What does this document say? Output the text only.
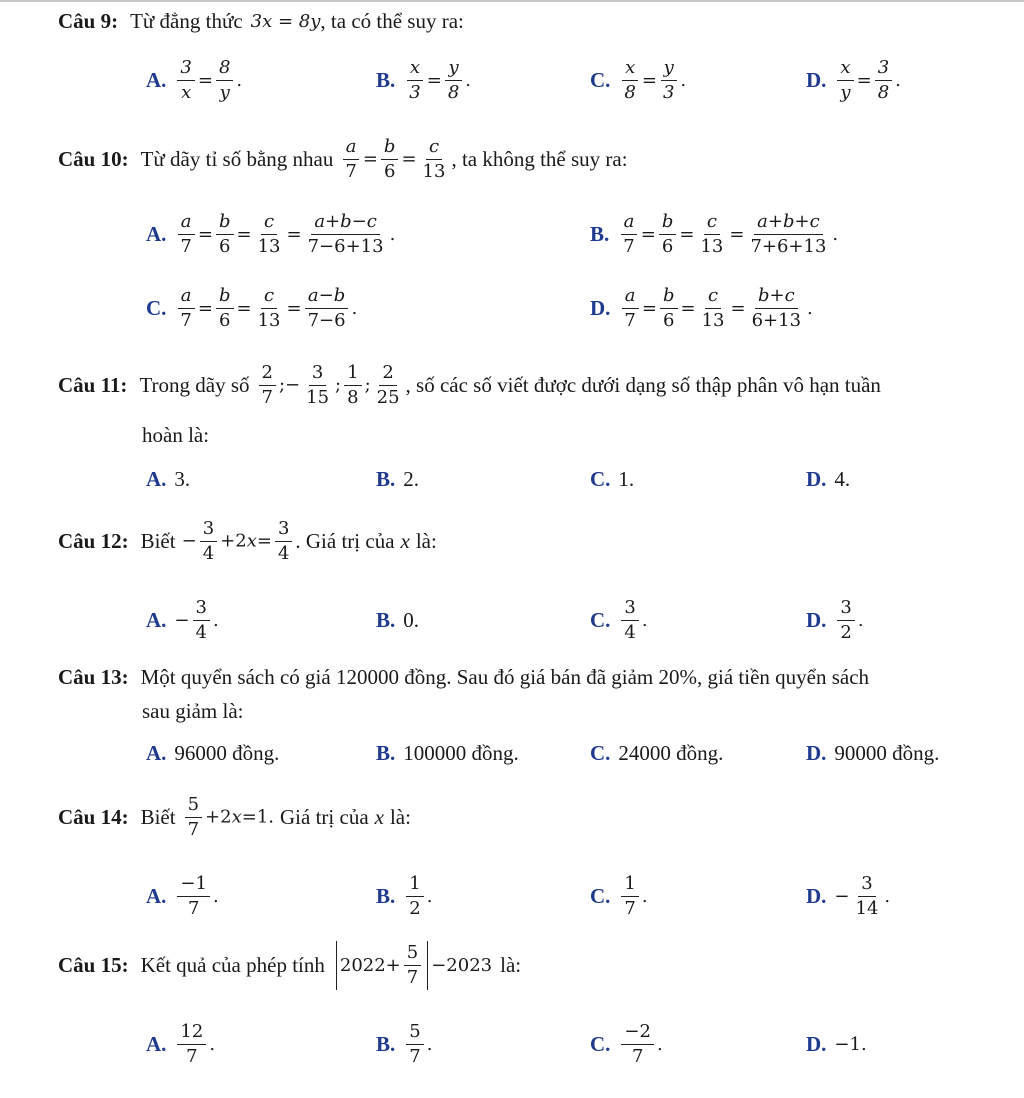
Câu 9: Từ đẳng thức 3x = 8y , ta có thể suy ra:
A. $\frac{3}{x} = \frac{8}{y}$ .	B. $\frac{x}{3} = \frac{y}{8}$ .	C. $\frac{x}{8} = \frac{y}{3}$ .	D. $\frac{x}{y} = \frac{3}{8}$ .
Câu 10: Từ dãy tỉ số bằng nhau $\frac{a}{7} = \frac{b}{6} = \frac{c}{13}$ , ta không thể suy ra:
A. $\frac{a}{7} = \frac{b}{6} = \frac{c}{13} = \frac{a+b-c}{7-6+13}$ .	B. $\frac{a}{7} = \frac{b}{6} = \frac{c}{13} = \frac{a+b+c}{7+6+13}$ .
C. $\frac{a}{7} = \frac{b}{6} = \frac{c}{13} = \frac{a-b}{7-6}$ .	D. $\frac{a}{7} = \frac{b}{6} = \frac{c}{13} = \frac{b+c}{6+13}$ .
Câu 11: Trong dãy số $\frac{2}{7}$ ;− $\frac{3}{15}$ ; $\frac{1}{8}$ ; $\frac{2}{25}$ , số các số viết được dưới dạng số thập phân vô hạn tuần
hoàn là:
A. 3.	B. 2.	C. 1.	D. 4.
Câu 12: Biết − $\frac{3}{4} +2x= \frac{3}{4}$ . Giá trị của x là:
A. − $\frac{3}{4}$ .	B. 0.	C. $\frac{3}{4}$ .	D. $\frac{3}{2}$ .
Câu 13: Một quyển sách có giá 120000 đồng. Sau đó giá bán đã giảm 20%, giá tiền quyển sách
sau giảm là:
A. 96000 đồng.	B. 100000 đồng.	C. 24000 đồng.	D. 90000 đồng.
Câu 14: Biết $\frac{5}{7} +2x=1$. Giá trị của x là:
A. $\frac{-1}{7}$ .	B. $\frac{1}{2}$ .	C. $\frac{1}{7}$ .	D. − $\frac{3}{14}$ .
Câu 15: Kết quả của phép tính $2022+ \frac{5}{7} -2023$ là:
A. $\frac{12}{7}$ .	B. $\frac{5}{7}$ .	C. $\frac{-2}{7}$ .	D. −1.
